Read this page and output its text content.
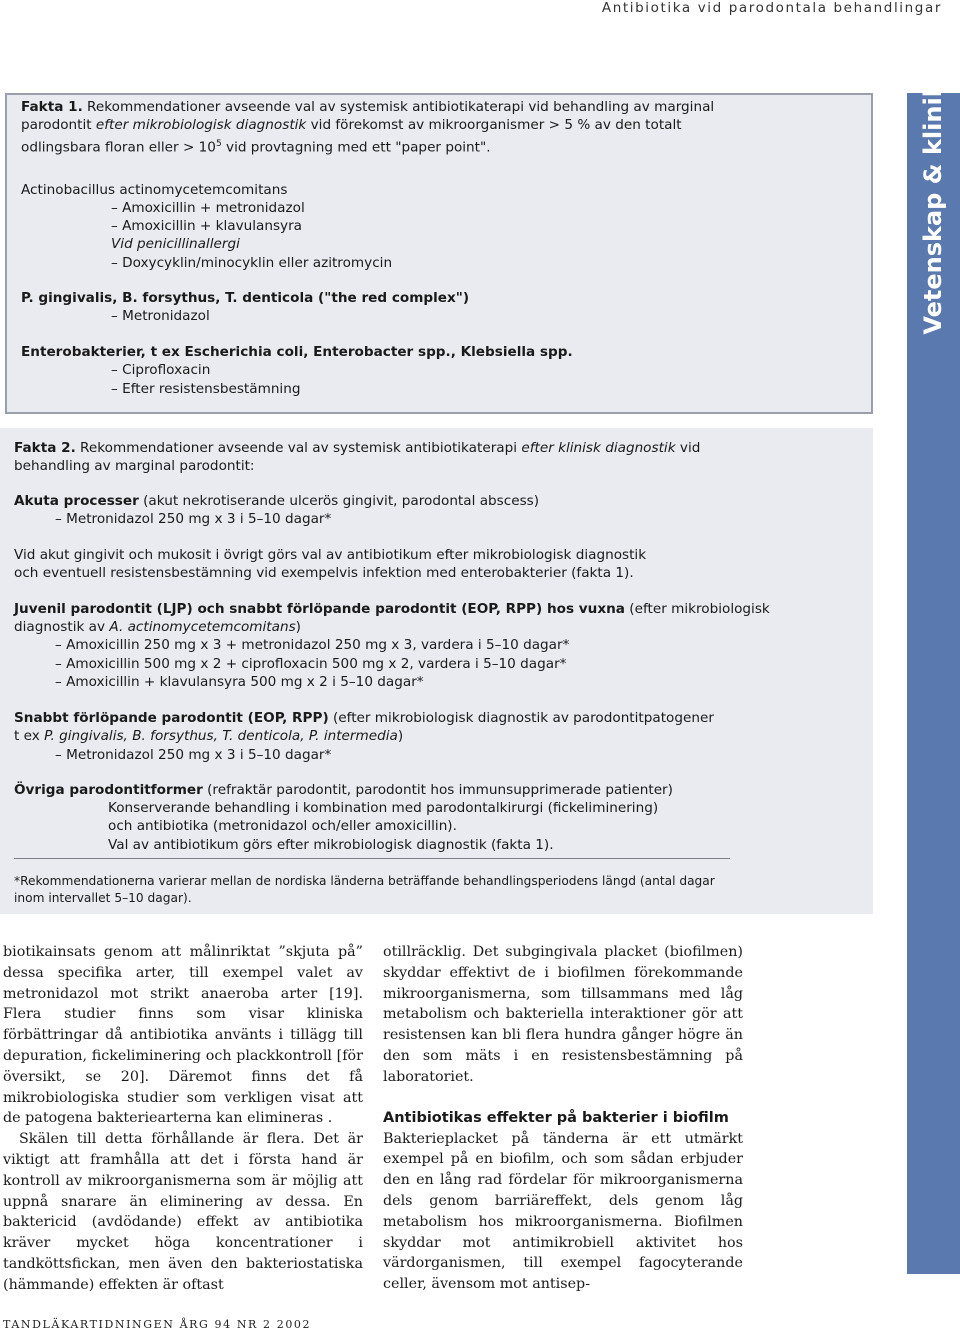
Antibiotika vid parodontala behandlingar
Vetenskap & klinik
Fakta 1. Rekommendationer avseende val av systemisk antibiotikaterapi vid behandling av marginal
parodontit efter mikrobiologisk diagnostik vid förekomst av mikroorganismer > 5 % av den totalt
odlingsbara floran eller > $10^5$ vid provtagning med ett "paper point".
Actinobacillus actinomycetemcomitans
– Amoxicillin + metronidazol
– Amoxicillin + klavulansyra
Vid penicillinallergi
– Doxycyklin/minocyklin eller azitromycin
P. gingivalis, B. forsythus, T. denticola ("the red complex")
– Metronidazol
Enterobakterier, t ex Escherichia coli, Enterobacter spp., Klebsiella spp.
– Ciprofloxacin
– Efter resistensbestämning
Fakta 2. Rekommendationer avseende val av systemisk antibiotikaterapi efter klinisk diagnostik vid
behandling av marginal parodontit:
Akuta processer (akut nekrotiserande ulcerös gingivit, parodontal abscess)
– Metronidazol 250 mg x 3 i 5–10 dagar*
Vid akut gingivit och mukosit i övrigt görs val av antibiotikum efter mikrobiologisk diagnostik
och eventuell resistensbestämning vid exempelvis infektion med enterobakterier (fakta 1).
Juvenil parodontit (LJP) och snabbt förlöpande parodontit (EOP, RPP) hos vuxna (efter mikrobiologisk
diagnostik av A. actinomycetemcomitans)
– Amoxicillin 250 mg x 3 + metronidazol 250 mg x 3, vardera i 5–10 dagar*
– Amoxicillin 500 mg x 2 + ciprofloxacin 500 mg x 2, vardera i 5–10 dagar*
– Amoxicillin + klavulansyra 500 mg x 2 i 5–10 dagar*
Snabbt förlöpande parodontit (EOP, RPP) (efter mikrobiologisk diagnostik av parodontitpatogener
t ex P. gingivalis, B. forsythus, T. denticola, P. intermedia)
– Metronidazol 250 mg x 3 i 5–10 dagar*
Övriga parodontitformer (refraktär parodontit, parodontit hos immunsupprimerade patienter)
Konserverande behandling i kombination med parodontalkirurgi (fickeliminering)
och antibiotika (metronidazol och/eller amoxicillin).
Val av antibiotikum görs efter mikrobiologisk diagnostik (fakta 1).
*Rekommendationerna varierar mellan de nordiska länderna beträffande behandlingsperiodens längd (antal dagar
inom intervallet 5–10 dagar).

biotikainsats genom att målinriktat ”skjuta på” dessa specifika arter, till exempel valet av metronidazol mot strikt anaeroba arter [19]. Flera studier finns som visar kliniska förbättringar då antibiotika använts i tillägg till depuration, fickeliminering och plackkontroll [för översikt, se 20]. Däremot finns det få mikrobiologiska studier som verkligen visat att de patogena bakteriearterna kan elimineras .

Skälen till detta förhållande är flera. Det är viktigt att framhålla att det i första hand är kontroll av mikroorganismerna som är möjlig att uppnå snarare än eliminering av dessa. En baktericid (avdödande) effekt av antibiotika kräver mycket höga koncentrationer i tandköttsfickan, men även den bakteriostatiska (hämmande) effekten är oftast

otillräcklig. Det subgingivala placket (biofilmen) skyddar effektivt de i biofilmen förekommande mikroorganismerna, som tillsammans med låg metabolism och bakteriella interaktioner gör att resistensen kan bli flera hundra gånger högre än den som mäts i en resistensbestämning på laboratoriet.

Antibiotikas effekter på bakterier i biofilm

Bakterieplacket på tänderna är ett utmärkt exempel på en biofilm, och som sådan erbjuder den en lång rad fördelar för mikroorganismerna dels genom barriäreffekt, dels genom låg metabolism hos mikroorganismerna. Biofilmen skyddar mot antimikrobiell aktivitet hos värdorganismen, till exempel fagocyterande celler, ävensom mot antisep-

TANDLÄKARTIDNINGEN ÅRG 94 NR 2 2002
